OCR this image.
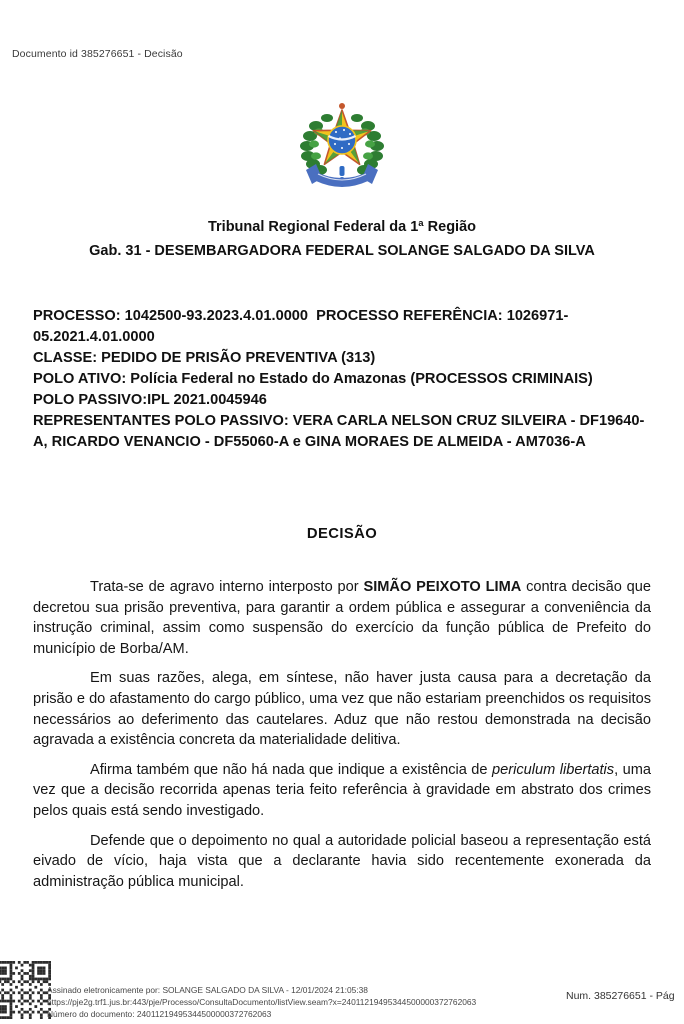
Documento id 385276651 - Decisão
Tribunal Regional Federal da 1ª Região
Gab. 31 - DESEMBARGADORA FEDERAL SOLANGE SALGADO DA SILVA
PROCESSO: 1042500-93.2023.4.01.0000  PROCESSO REFERÊNCIA: 1026971-05.2021.4.01.0000
CLASSE: PEDIDO DE PRISÃO PREVENTIVA (313)
POLO ATIVO: Polícia Federal no Estado do Amazonas (PROCESSOS CRIMINAIS)
POLO PASSIVO:IPL 2021.0045946
REPRESENTANTES POLO PASSIVO: VERA CARLA NELSON CRUZ SILVEIRA - DF19640-A, RICARDO VENANCIO - DF55060-A e GINA MORAES DE ALMEIDA - AM7036-A
DECISÃO

Trata-se de agravo interno interposto por SIMÃO PEIXOTO LIMA contra decisão que decretou sua prisão preventiva, para garantir a ordem pública e assegurar a conveniência da instrução criminal, assim como suspensão do exercício da função pública de Prefeito do município de Borba/AM.

Em suas razões, alega, em síntese, não haver justa causa para a decretação da prisão e do afastamento do cargo público, uma vez que não estariam preenchidos os requisitos necessários ao deferimento das cautelares. Aduz que não restou demonstrada na decisão agravada a existência concreta da materialidade delitiva.

Afirma também que não há nada que indique a existência de periculum libertatis, uma vez que a decisão recorrida apenas teria feito referência à gravidade em abstrato dos crimes pelos quais está sendo investigado.

Defende que o depoimento no qual a autoridade policial baseou a representação está eivado de vício, haja vista que a declarante havia sido recentemente exonerada da administração pública municipal.

Assinado eletronicamente por: SOLANGE SALGADO DA SILVA - 12/01/2024 21:05:38
https://pje2g.trf1.jus.br:443/pje/Processo/ConsultaDocumento/listView.seam?x=24011219495344500000372762063
Número do documento: 24011219495344500000372762063
Num. 385276651 - Pág
